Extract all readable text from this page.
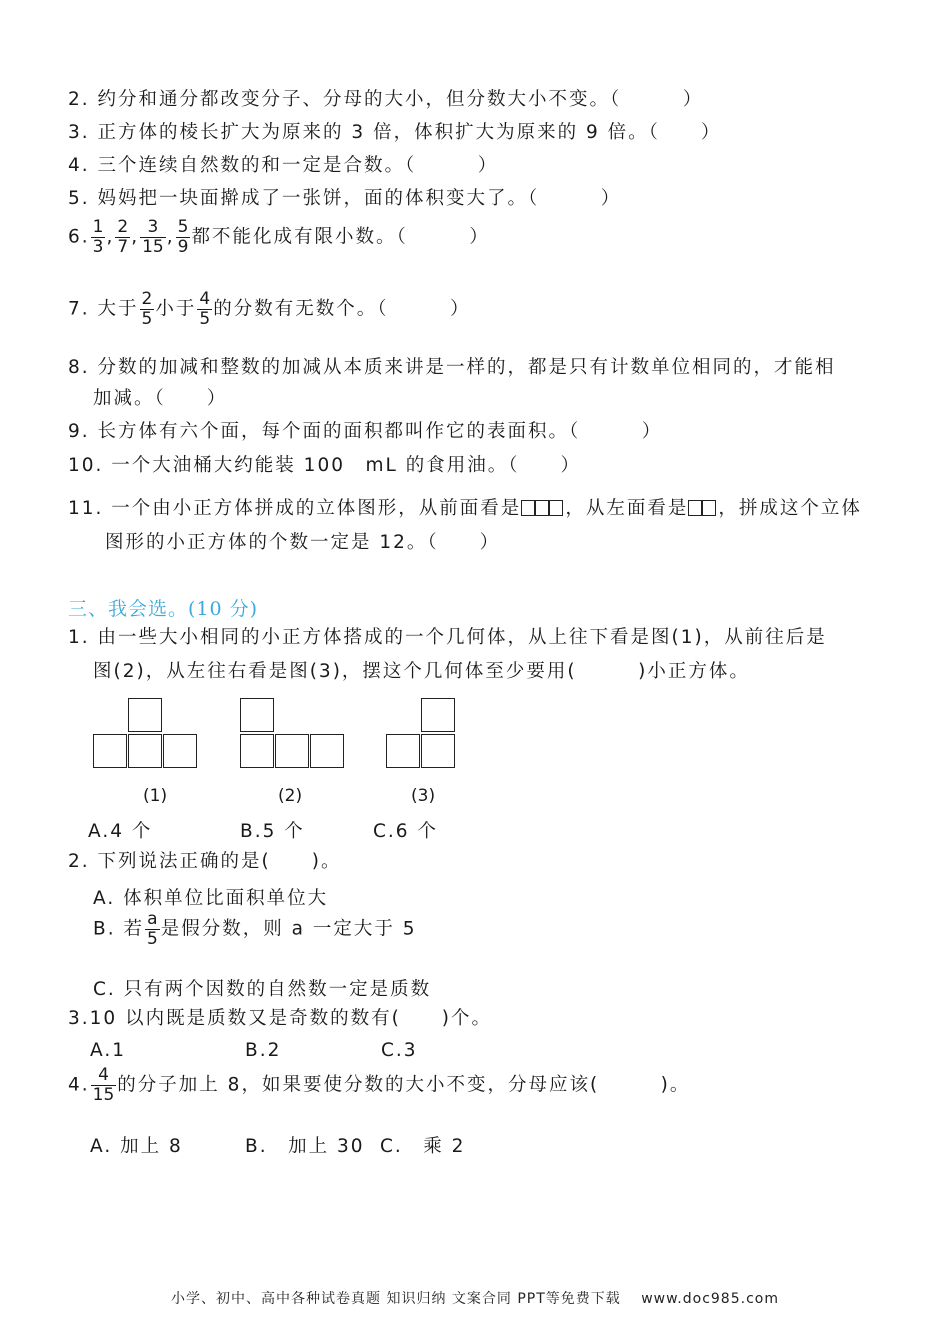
2. 约分和通分都改变分子、分母的大小，但分数大小不变。（　　　）
3. 正方体的棱长扩大为原来的 3 倍，体积扩大为原来的 9 倍。（　　）
4. 三个连续自然数的和一定是合数。（　　　）
5. 妈妈把一块面擀成了一张饼，面的体积变大了。（　　　）
6. $\frac{1}{3}$ , $\frac{2}{7}$ , $\frac{3}{15}$ , $\frac{5}{9}$ 都不能化成有限小数。（　　　）
7. 大于 $\frac{2}{5}$ 小于 $\frac{4}{5}$ 的分数有无数个。（　　　）
8. 分数的加减和整数的加减从本质来讲是一样的，都是只有计数单位相同的，才能相
加减。（　　）
9. 长方体有六个面，每个面的面积都叫作它的表面积。（　　　）
10. 一个大油桶大约能装 100　mL 的食用油。（　　）
11. 一个由小正方体拼成的立体图形，从前面看是 ，从左面看是 ，拼成这个立体
图形的小正方体的个数一定是 12。（　　）
三、我会选。(10 分)
1. 由一些大小相同的小正方体搭成的一个几何体，从上往下看是图(1)，从前往后是
图(2)，从左往右看是图(3)，摆这个几何体至少要用(　　　)小正方体。
(1)	(2)	(3)
A.4 个	B.5 个	C.6 个
2. 下列说法正确的是(　　)。
A. 体积单位比面积单位大
B. 若 $\frac{a}{5}$ 是假分数，则 a 一定大于 5
C. 只有两个因数的自然数一定是质数
3.10 以内既是质数又是奇数的数有(　　)个。
A.1	B.2	C.3
4. $\frac{4}{15}$ 的分子加上 8，如果要使分数的大小不变，分母应该(　　　)。
A. 加上 8	B.　加上 30 C.　乘 2
小学、初中、高中各种试卷真题 知识归纳 文案合同 PPT等免费下载　 www.doc985.com
